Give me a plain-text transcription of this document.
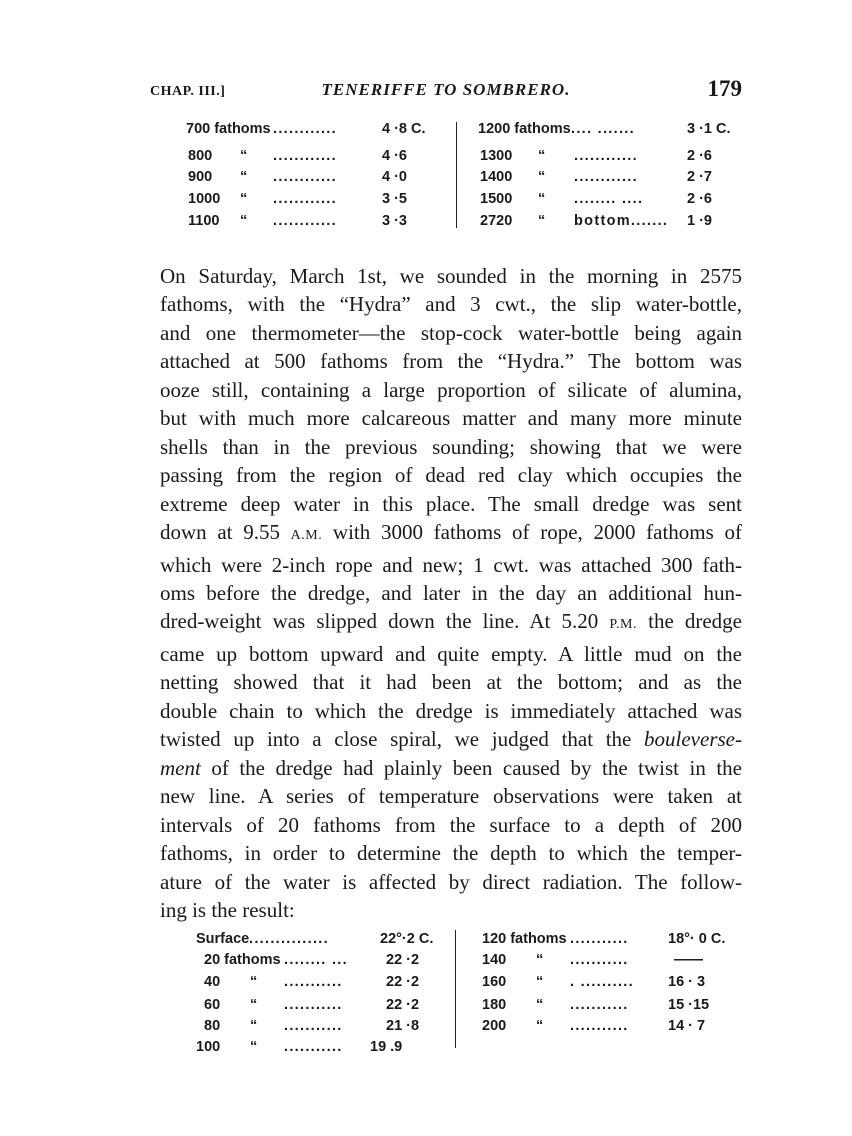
CHAP. III.]	TENERIFFE TO SOMBRERO.	179
700 fathoms ............	4 ·8 C.
800 “ ............	4 ·6
900 “ ............	4 ·0
1000 “ ............	3 ·5
1100 “ ............	3 ·3
1200 fathoms .... .......	3 ·1 C.
1300 “ ............	2 ·6
1400 “ ............	2 ·7
1500 “ ........ ....	2 ·6
2720 “ bottom....... 1 ·9
On Saturday, March 1st, we sounded in the morning in 2575
fathoms, with the “Hydra” and 3 cwt., the slip water-bottle,
and one thermometer—the stop-cock water-bottle being again
attached at 500 fathoms from the “Hydra.” The bottom was
ooze still, containing a large proportion of silicate of alumina,
but with much more calcareous matter and many more minute
shells than in the previous sounding; showing that we were
passing from the region of dead red clay which occupies the
extreme deep water in this place. The small dredge was sent
down at 9.55 A.M. with 3000 fathoms of rope, 2000 fathoms of
which were 2-inch rope and new; 1 cwt. was attached 300 fath-
oms before the dredge, and later in the day an additional hun-
dred-weight was slipped down the line. At 5.20 P.M. the dredge
came up bottom upward and quite empty. A little mud on the
netting showed that it had been at the bottom; and as the
double chain to which the dredge is immediately attached was
twisted up into a close spiral, we judged that the bouleverse-
ment of the dredge had plainly been caused by the twist in the
new line. A series of temperature observations were taken at
intervals of 20 fathoms from the surface to a depth of 200
fathoms, in order to determine the depth to which the temper-
ature of the water is affected by direct radiation. The follow-
ing is the result:
Surface ...............	22°·2 C.
20 fathoms ........ ...	22 ·2
40 “ ...........	22 ·2
60 “ ...........	22 ·2
80 “ ...........	21 ·8
100 “ ........... 19 .9
120 fathoms ...........	18°· 0 C.
140 “ ...........	——
160 “ . .......... 16 · 3
180 “ ...........	15 ·15
200 “ ...........	14 · 7
